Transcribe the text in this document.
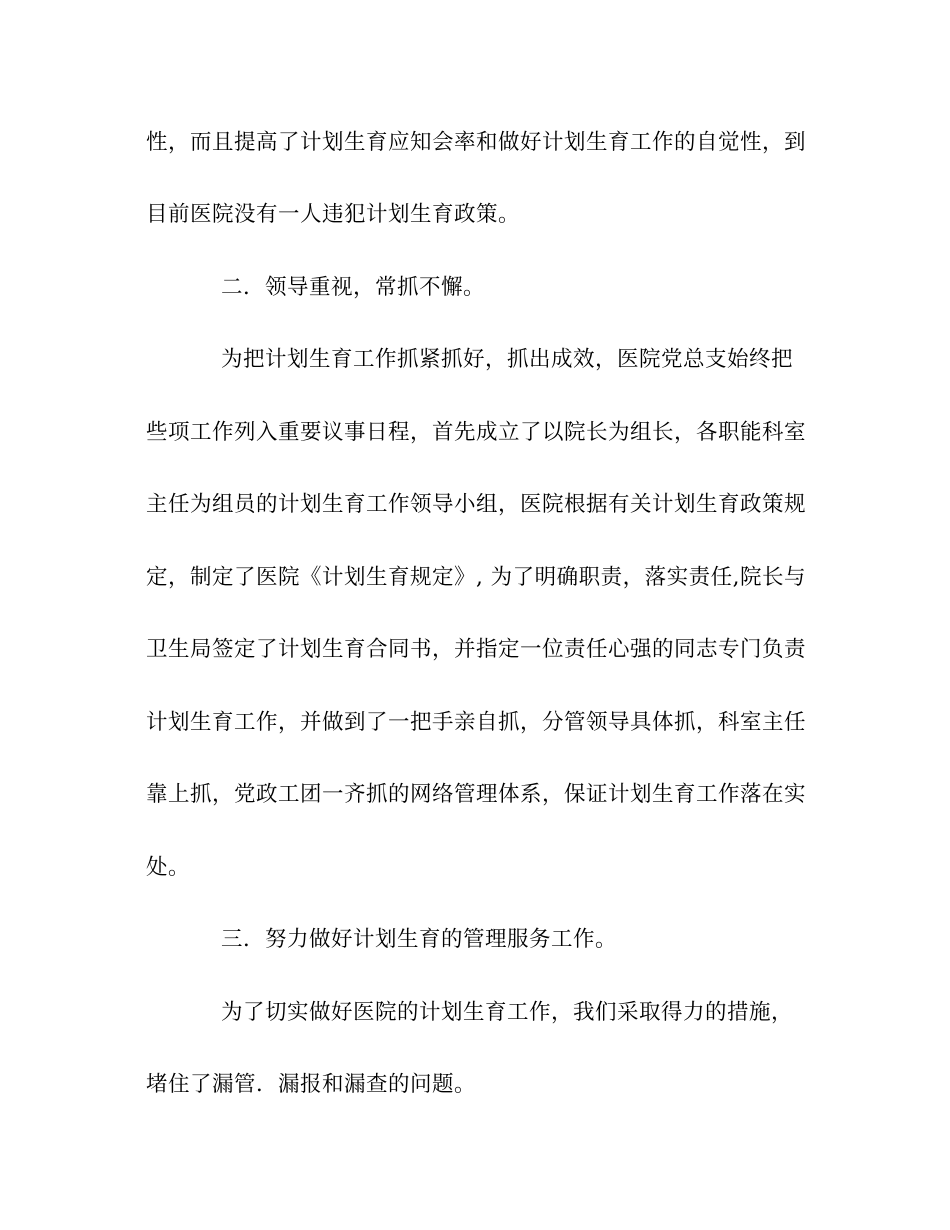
性，而且提高了计划生育应知会率和做好计划生育工作的自觉性，到

目前医院没有一人违犯计划生育政策。

二．领导重视，常抓不懈。

为把计划生育工作抓紧抓好，抓出成效，医院党总支始终把

些项工作列入重要议事日程，首先成立了以院长为组长，各职能科室

主任为组员的计划生育工作领导小组，医院根据有关计划生育政策规

定，制定了医院《计划生育规定》, 为了明确职责，落实责任,院长与

卫生局签定了计划生育合同书，并指定一位责任心强的同志专门负责

计划生育工作，并做到了一把手亲自抓，分管领导具体抓，科室主任

靠上抓，党政工团一齐抓的网络管理体系，保证计划生育工作落在实

处。

三．努力做好计划生育的管理服务工作。

为了切实做好医院的计划生育工作，我们采取得力的措施，

堵住了漏管．漏报和漏查的问题。
